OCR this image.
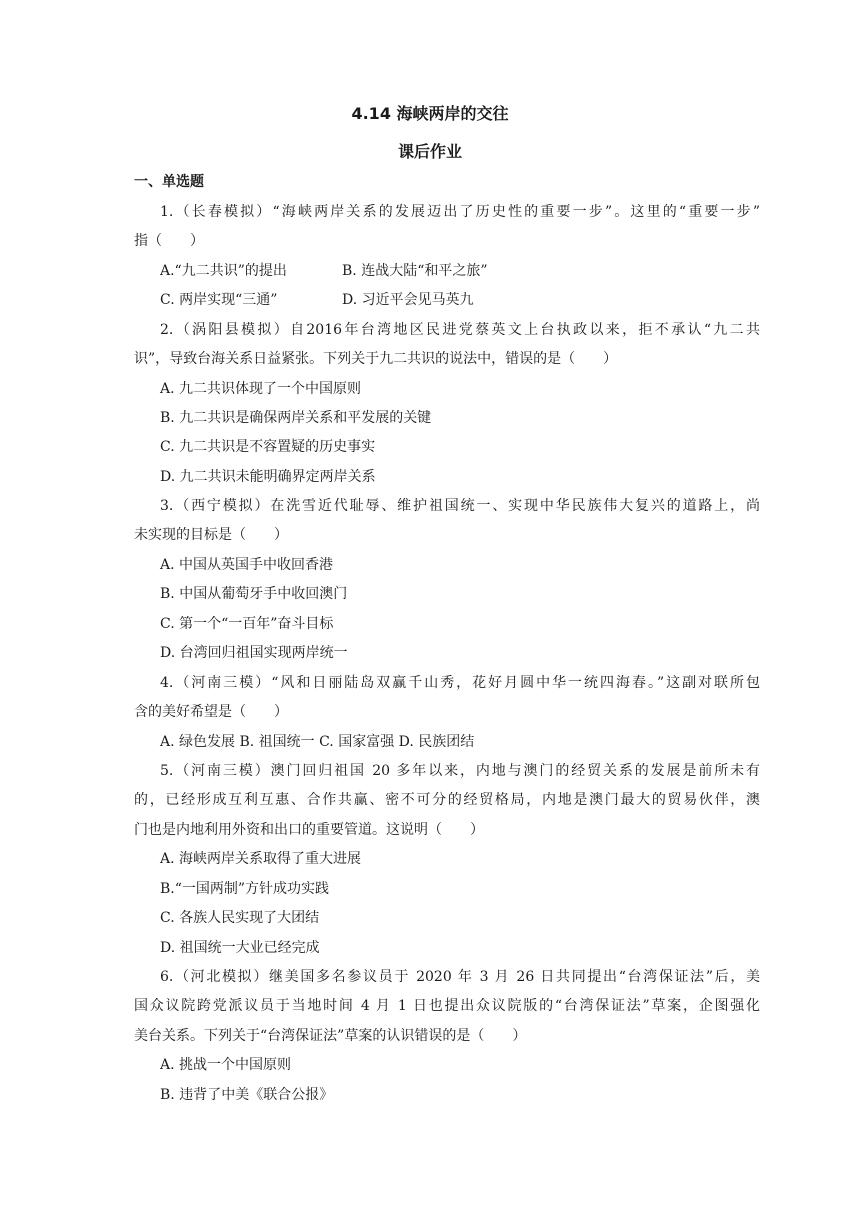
4.14 海峡两岸的交往
课后作业
一、单选题
1.（长春模拟）“海峡两岸关系的发展迈出了历史性的重要一步”。这里的“重要一步”
指（　　）
A.“九二共识”的提出	B. 连战大陆“和平之旅”
C. 两岸实现“三通”	D. 习近平会见马英九
2.（涡阳县模拟）自2016年台湾地区民进党蔡英文上台执政以来，拒不承认“九二共
识”，导致台海关系日益紧张。下列关于九二共识的说法中，错误的是（　　）
A. 九二共识体现了一个中国原则
B. 九二共识是确保两岸关系和平发展的关键
C. 九二共识是不容置疑的历史事实
D. 九二共识未能明确界定两岸关系
3.（西宁模拟）在洗雪近代耻辱、维护祖国统一、实现中华民族伟大复兴的道路上，尚
未实现的目标是（　　）
A. 中国从英国手中收回香港
B. 中国从葡萄牙手中收回澳门
C. 第一个“一百年”奋斗目标
D. 台湾回归祖国实现两岸统一
4.（河南三模）“风和日丽陆岛双赢千山秀，花好月圆中华一统四海春。”这副对联所包
含的美好希望是（　　）
A. 绿色发展 B. 祖国统一 C. 国家富强 D. 民族团结
5.（河南三模）澳门回归祖国 20 多年以来，内地与澳门的经贸关系的发展是前所未有
的，已经形成互利互惠、合作共赢、密不可分的经贸格局，内地是澳门最大的贸易伙伴，澳
门也是内地利用外资和出口的重要管道。这说明（　　）
A. 海峡两岸关系取得了重大进展
B.“一国两制”方针成功实践
C. 各族人民实现了大团结
D. 祖国统一大业已经完成
6.（河北模拟）继美国多名参议员于 2020 年 3 月 26 日共同提出“台湾保证法”后，美
国众议院跨党派议员于当地时间 4 月 1 日也提出众议院版的“台湾保证法”草案，企图强化
美台关系。下列关于“台湾保证法”草案的认识错误的是（　　）
A. 挑战一个中国原则
B. 违背了中美《联合公报》
